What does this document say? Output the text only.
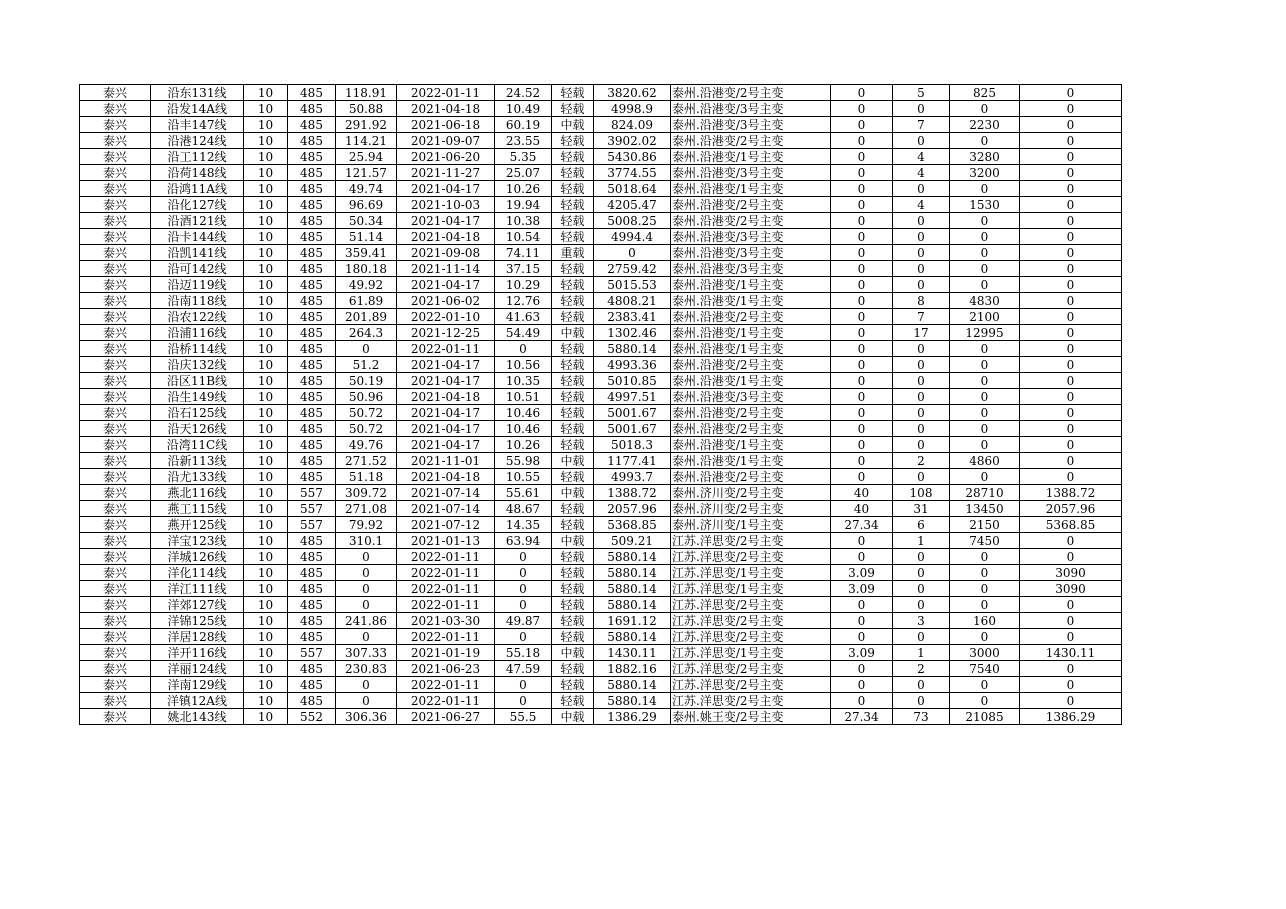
泰兴	沿东131线	10	485	118.91	2022-01-11	24.52	轻载	3820.62	泰州.沿港变/2号主变	0	5	825	0
泰兴	沿发14A线	10	485	50.88	2021-04-18	10.49	轻载	4998.9	泰州.沿港变/3号主变	0	0	0	0
泰兴	沿丰147线	10	485	291.92	2021-06-18	60.19	中载	824.09	泰州.沿港变/3号主变	0	7	2230	0
泰兴	沿港124线	10	485	114.21	2021-09-07	23.55	轻载	3902.02	泰州.沿港变/2号主变	0	0	0	0
泰兴	沿工112线	10	485	25.94	2021-06-20	5.35	轻载	5430.86	泰州.沿港变/1号主变	0	4	3280	0
泰兴	沿荷148线	10	485	121.57	2021-11-27	25.07	轻载	3774.55	泰州.沿港变/3号主变	0	4	3200	0
泰兴	沿鸿11A线	10	485	49.74	2021-04-17	10.26	轻载	5018.64	泰州.沿港变/1号主变	0	0	0	0
泰兴	沿化127线	10	485	96.69	2021-10-03	19.94	轻载	4205.47	泰州.沿港变/2号主变	0	4	1530	0
泰兴	沿酒121线	10	485	50.34	2021-04-17	10.38	轻载	5008.25	泰州.沿港变/2号主变	0	0	0	0
泰兴	沿卡144线	10	485	51.14	2021-04-18	10.54	轻载	4994.4	泰州.沿港变/3号主变	0	0	0	0
泰兴	沿凯141线	10	485	359.41	2021-09-08	74.11	重载	0	泰州.沿港变/3号主变	0	0	0	0
泰兴	沿可142线	10	485	180.18	2021-11-14	37.15	轻载	2759.42	泰州.沿港变/3号主变	0	0	0	0
泰兴	沿迈119线	10	485	49.92	2021-04-17	10.29	轻载	5015.53	泰州.沿港变/1号主变	0	0	0	0
泰兴	沿南118线	10	485	61.89	2021-06-02	12.76	轻载	4808.21	泰州.沿港变/1号主变	0	8	4830	0
泰兴	沿农122线	10	485	201.89	2022-01-10	41.63	轻载	2383.41	泰州.沿港变/2号主变	0	7	2100	0
泰兴	沿浦116线	10	485	264.3	2021-12-25	54.49	中载	1302.46	泰州.沿港变/1号主变	0	17	12995	0
泰兴	沿桥114线	10	485	0	2022-01-11	0	轻载	5880.14	泰州.沿港变/1号主变	0	0	0	0
泰兴	沿庆132线	10	485	51.2	2021-04-17	10.56	轻载	4993.36	泰州.沿港变/2号主变	0	0	0	0
泰兴	沿区11B线	10	485	50.19	2021-04-17	10.35	轻载	5010.85	泰州.沿港变/1号主变	0	0	0	0
泰兴	沿生149线	10	485	50.96	2021-04-18	10.51	轻载	4997.51	泰州.沿港变/3号主变	0	0	0	0
泰兴	沿石125线	10	485	50.72	2021-04-17	10.46	轻载	5001.67	泰州.沿港变/2号主变	0	0	0	0
泰兴	沿天126线	10	485	50.72	2021-04-17	10.46	轻载	5001.67	泰州.沿港变/2号主变	0	0	0	0
泰兴	沿湾11C线	10	485	49.76	2021-04-17	10.26	轻载	5018.3	泰州.沿港变/1号主变	0	0	0	0
泰兴	沿新113线	10	485	271.52	2021-11-01	55.98	中载	1177.41	泰州.沿港变/1号主变	0	2	4860	0
泰兴	沿尤133线	10	485	51.18	2021-04-18	10.55	轻载	4993.7	泰州.沿港变/2号主变	0	0	0	0
泰兴	燕北116线	10	557	309.72	2021-07-14	55.61	中载	1388.72	泰州.济川变/2号主变	40	108	28710	1388.72
泰兴	燕工115线	10	557	271.08	2021-07-14	48.67	轻载	2057.96	泰州.济川变/2号主变	40	31	13450	2057.96
泰兴	燕开125线	10	557	79.92	2021-07-12	14.35	轻载	5368.85	泰州.济川变/1号主变	27.34	6	2150	5368.85
泰兴	洋宝123线	10	485	310.1	2021-01-13	63.94	中载	509.21	江苏.洋思变/2号主变	0	1	7450	0
泰兴	洋城126线	10	485	0	2022-01-11	0	轻载	5880.14	江苏.洋思变/2号主变	0	0	0	0
泰兴	洋化114线	10	485	0	2022-01-11	0	轻载	5880.14	江苏.洋思变/1号主变	3.09	0	0	3090
泰兴	洋江111线	10	485	0	2022-01-11	0	轻载	5880.14	江苏.洋思变/1号主变	3.09	0	0	3090
泰兴	洋郊127线	10	485	0	2022-01-11	0	轻载	5880.14	江苏.洋思变/2号主变	0	0	0	0
泰兴	洋锦125线	10	485	241.86	2021-03-30	49.87	轻载	1691.12	江苏.洋思变/2号主变	0	3	160	0
泰兴	洋居128线	10	485	0	2022-01-11	0	轻载	5880.14	江苏.洋思变/2号主变	0	0	0	0
泰兴	洋开116线	10	557	307.33	2021-01-19	55.18	中载	1430.11	江苏.洋思变/1号主变	3.09	1	3000	1430.11
泰兴	洋丽124线	10	485	230.83	2021-06-23	47.59	轻载	1882.16	江苏.洋思变/2号主变	0	2	7540	0
泰兴	洋南129线	10	485	0	2022-01-11	0	轻载	5880.14	江苏.洋思变/2号主变	0	0	0	0
泰兴	洋镇12A线	10	485	0	2022-01-11	0	轻载	5880.14	江苏.洋思变/2号主变	0	0	0	0
泰兴	姚北143线	10	552	306.36	2021-06-27	55.5	中载	1386.29	泰州.姚王变/2号主变	27.34	73	21085	1386.29
